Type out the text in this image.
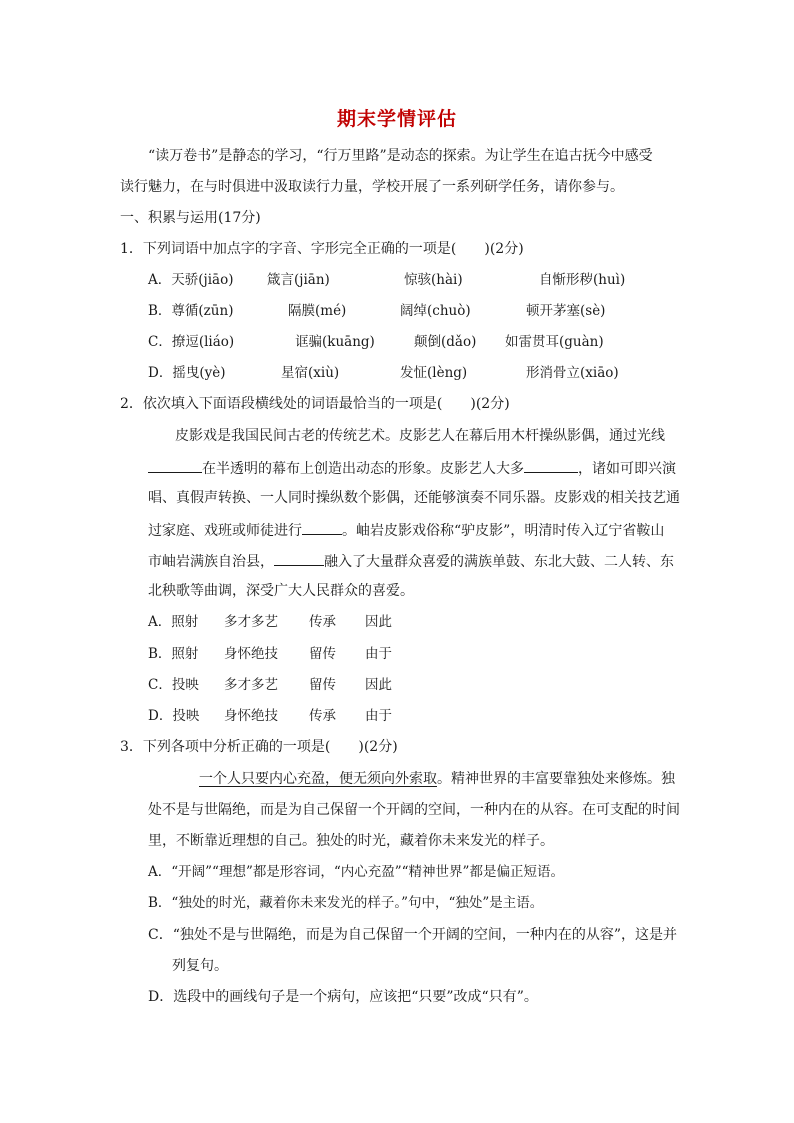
期末学情评估
“读万卷书”是静态的学习，“行万里路”是动态的探索。为让学生在追古抚今中感受
读行魅力，在与时俱进中汲取读行力量，学校开展了一系列研学任务，请你参与。
一、积累与运用(17分)
1．下列词语中加点字的字音、字形完全正确的一项是(　　)(2分)
A．天骄(jiāo) 箴言(jiān)	惊骇(hài)	自惭形秽(huì)
B．尊循(zūn)	隔膜(mé)	阔绰(chuò)	顿开茅塞(sè)
C．撩逗(liáo)	诓骗(kuāng)	颠倒(dǎo) 如雷贯耳(guàn)
D．摇曳(yè)	星宿(xiù)	发怔(lèng)	形消骨立(xiāo)
2．依次填入下面语段横线处的词语最恰当的一项是(　　)(2分)
皮影戏是我国民间古老的传统艺术。皮影艺人在幕后用木杆操纵影偶，通过光线
在半透明的幕布上创造出动态的形象。皮影艺人大多	，诸如可即兴演
唱、真假声转换、一人同时操纵数个影偶，还能够演奏不同乐器。皮影戏的相关技艺通
过家庭、戏班或师徒进行	。岫岩皮影戏俗称“驴皮影”，明清时传入辽宁省鞍山
市岫岩满族自治县，	融入了大量群众喜爱的满族单鼓、东北大鼓、二人转、东
北秧歌等曲调，深受广大人民群众的喜爱。
A．照射 多才多艺 传承 因此
B．照射 身怀绝技 留传 由于
C．投映 多才多艺 留传 因此
D．投映 身怀绝技 传承 由于
3．下列各项中分析正确的一项是(　　)(2分)
一个人只要内心充盈，便无须向外索取。精神世界的丰富要靠独处来修炼。独
处不是与世隔绝，而是为自己保留一个开阔的空间，一种内在的从容。在可支配的时间
里，不断靠近理想的自己。独处的时光，藏着你未来发光的样子。
A．“开阔”“理想”都是形容词，“内心充盈”“精神世界”都是偏正短语。
B．“独处的时光，藏着你未来发光的样子。”句中，“独处”是主语。
C．“独处不是与世隔绝，而是为自己保留一个开阔的空间，一种内在的从容”，这是并
列复句。
D．选段中的画线句子是一个病句，应该把“只要”改成“只有”。
